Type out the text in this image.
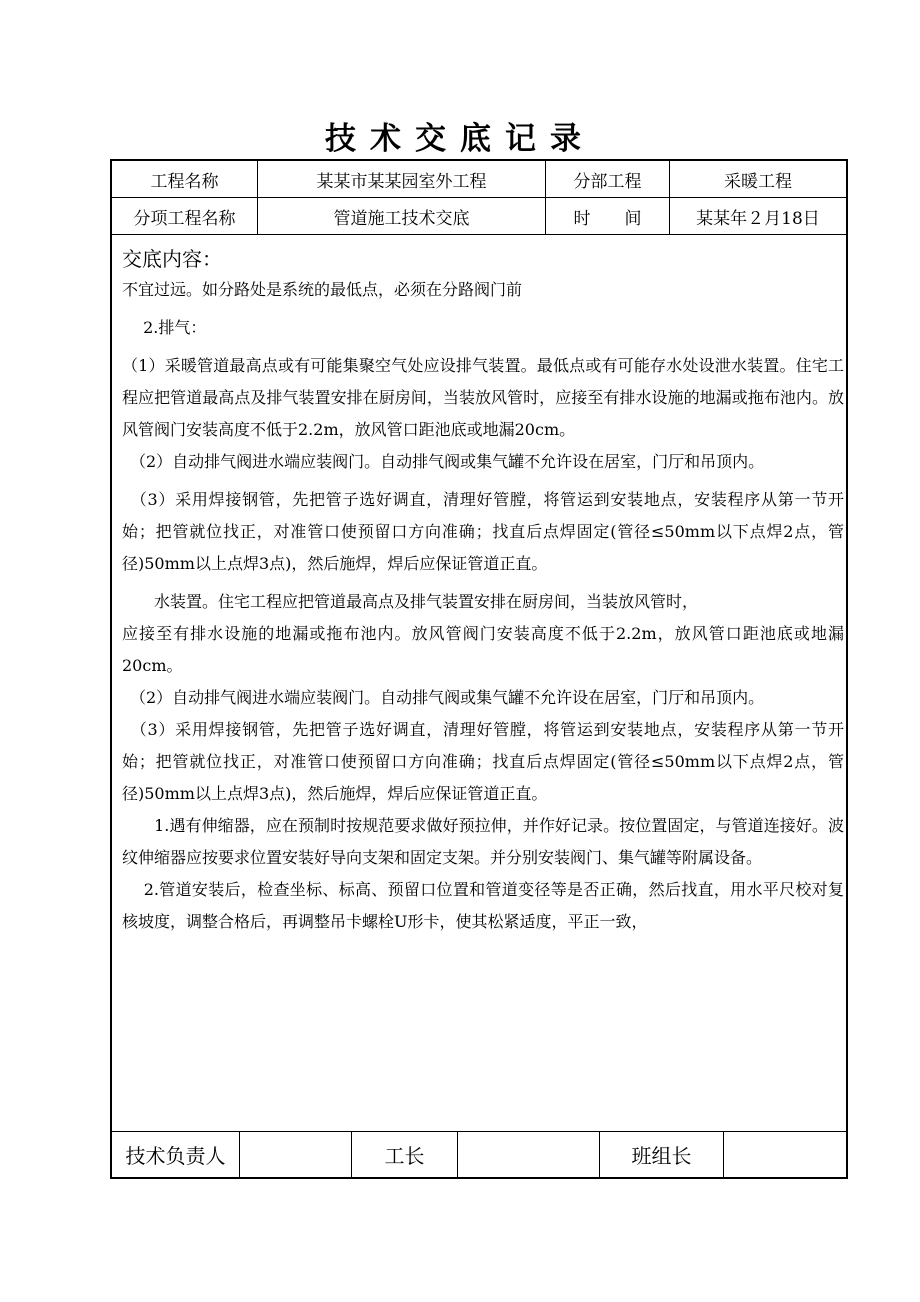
技术交底记录
工程名称	某某市某某园室外工程	分部工程	采暖工程
分项工程名称	管道施工技术交底	时　　间	某某年２月18日
交底内容：

不宜过远。如分路处是系统的最低点，必须在分路阀门前

　 2.排气：

（1）采暖管道最高点或有可能集聚空气处应设排气装置。最低点或有可能存水处设泄水装置。住宅工程应把管道最高点及排气装置安排在厨房间，当装放风管时，应接至有排水设施的地漏或拖布池内。放风管阀门安装高度不低于2.2m，放风管口距池底或地漏20cm。

　（2）自动排气阀进水端应装阀门。自动排气阀或集气罐不允许设在居室，门厅和吊顶内。

　（3）采用焊接钢管，先把管子选好调直，清理好管膛，将管运到安装地点，安装程序从第一节开始；把管就位找正，对准管口使预留口方向准确；找直后点焊固定(管径≤50mm以下点焊2点，管径)50mm以上点焊3点)，然后施焊，焊后应保证管道正直。

　　水装置。住宅工程应把管道最高点及排气装置安排在厨房间，当装放风管时，

应接至有排水设施的地漏或拖布池内。放风管阀门安装高度不低于2.2m，放风管口距池底或地漏20cm。

　（2）自动排气阀进水端应装阀门。自动排气阀或集气罐不允许设在居室，门厅和吊顶内。

　（3）采用焊接钢管，先把管子选好调直，清理好管膛，将管运到安装地点，安装程序从第一节开始；把管就位找正，对准管口使预留口方向准确；找直后点焊固定(管径≤50mm以下点焊2点，管径)50mm以上点焊3点)，然后施焊，焊后应保证管道正直。

　　1.遇有伸缩器，应在预制时按规范要求做好预拉伸，并作好记录。按位置固定，与管道连接好。波纹伸缩器应按要求位置安装好导向支架和固定支架。并分别安装阀门、集气罐等附属设备。

　 2.管道安装后，检查坐标、标高、预留口位置和管道变径等是否正确，然后找直，用水平尺校对复核坡度，调整合格后，再调整吊卡螺栓U形卡，使其松紧适度，平正一致，

技术负责人	工长	班组长
